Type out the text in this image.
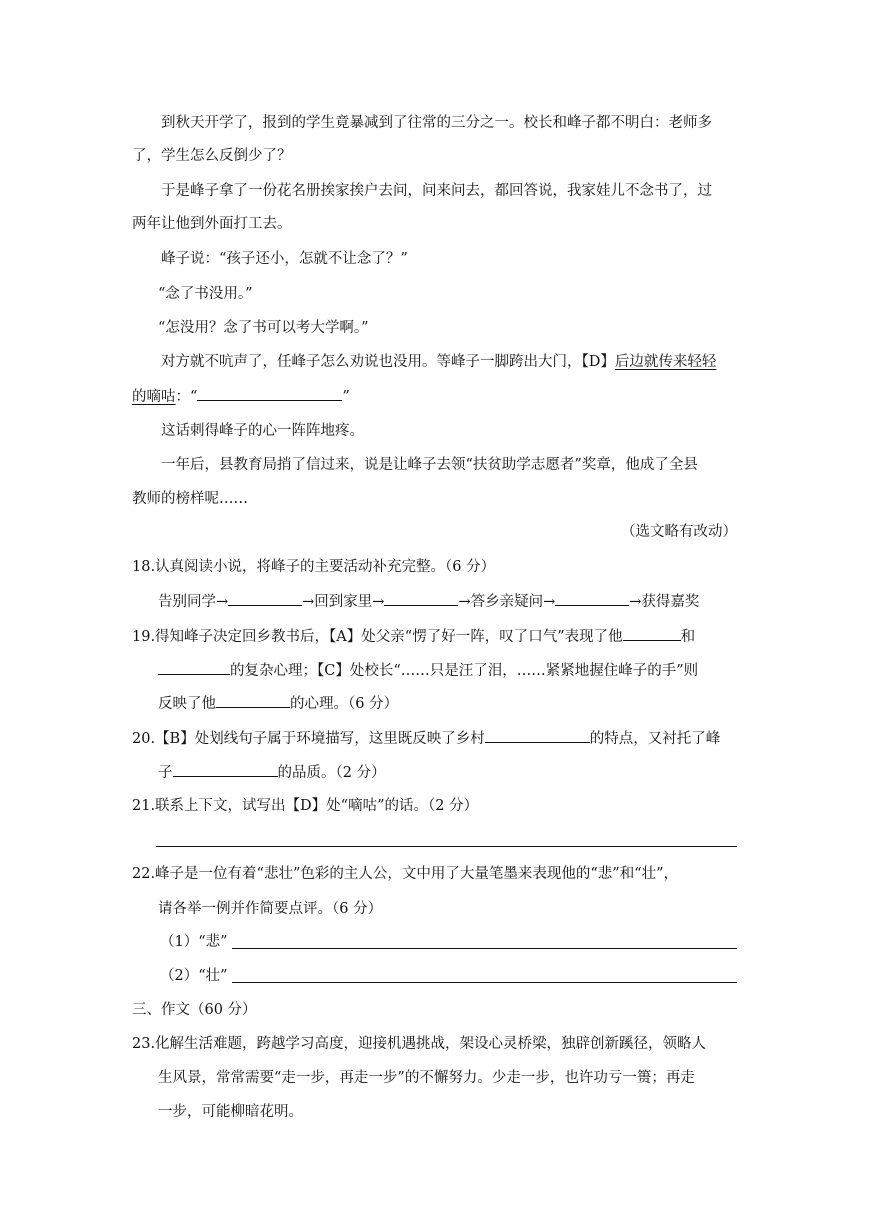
到秋天开学了，报到的学生竟暴减到了往常的三分之一。校长和峰子都不明白：老师多
了，学生怎么反倒少了？
于是峰子拿了一份花名册挨家挨户去问，问来问去，都回答说，我家娃儿不念书了，过
两年让他到外面打工去。
峰子说：“孩子还小，怎就不让念了？”
“念了书没用。”
“怎没用？念了书可以考大学啊。”
对方就不吭声了，任峰子怎么劝说也没用。等峰子一脚跨出大门，【D】后边就传来轻轻
的嘀咕：“	”
这话刺得峰子的心一阵阵地疼。
一年后，县教育局捎了信过来，说是让峰子去领“扶贫助学志愿者”奖章，他成了全县
教师的榜样呢……
（选文略有改动）
18.认真阅读小说，将峰子的主要活动补充完整。（6 分）
告别同学→	→回到家里→	→答乡亲疑问→	→获得嘉奖
19.得知峰子决定回乡教书后，【A】处父亲“愣了好一阵，叹了口气”表现了他	和
的复杂心理；【C】处校长“……只是汪了泪，……紧紧地握住峰子的手”则
反映了他	的心理。（6 分）
20.【B】处划线句子属于环境描写，这里既反映了乡村	的特点，又衬托了峰
子	的品质。（2 分）
21.联系上下文，试写出【D】处“嘀咕”的话。（2 分）
22.峰子是一位有着“悲壮”色彩的主人公，文中用了大量笔墨来表现他的“悲”和“壮”，
请各举一例并作简要点评。（6 分）
（1）“悲”
（2）“壮”
三、作文（60 分）
23.化解生活难题，跨越学习高度，迎接机遇挑战，架设心灵桥梁，独辟创新蹊径，领略人
生风景，常常需要“走一步，再走一步”的不懈努力。少走一步，也许功亏一篑；再走
一步，可能柳暗花明。
